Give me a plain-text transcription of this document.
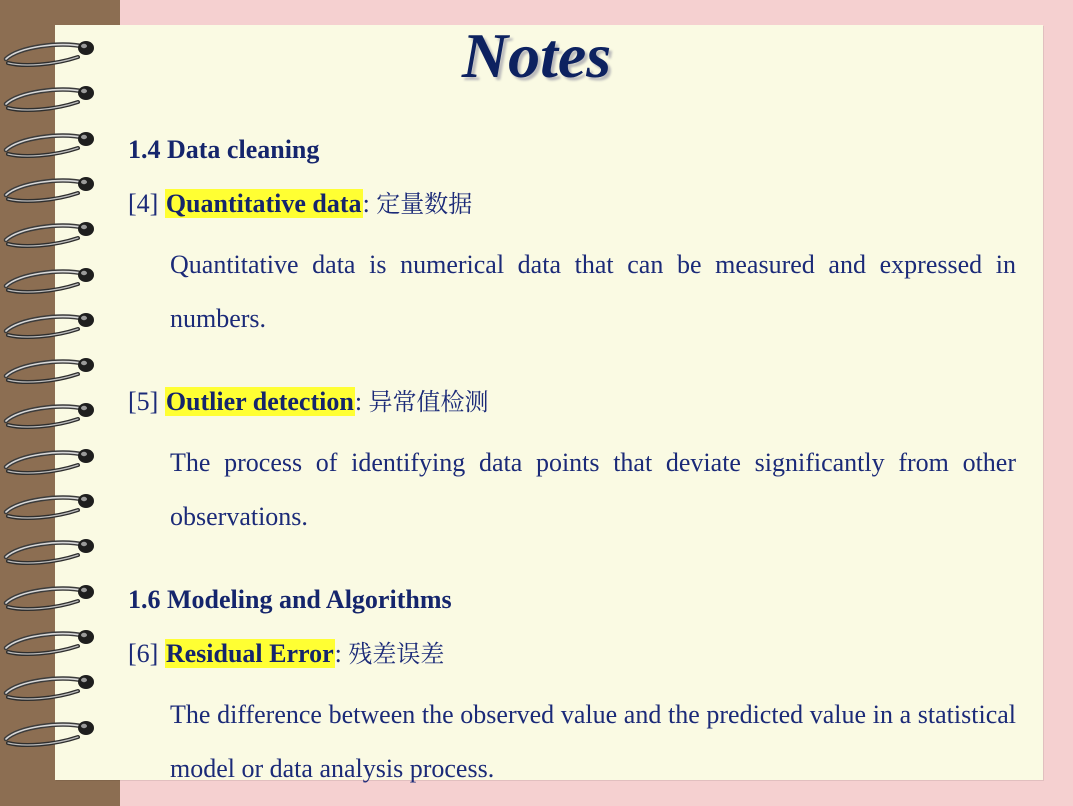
Notes
1.4 Data cleaning
[4] Quantitative data: 定量数据
Quantitative data is numerical data that can be measured and expressed in numbers.
[5] Outlier detection: 异常值检测
The process of identifying data points that deviate significantly from other observations.
1.6 Modeling and Algorithms
[6] Residual Error: 残差误差
The difference between the observed value and the predicted value in a statistical model or data analysis process.
